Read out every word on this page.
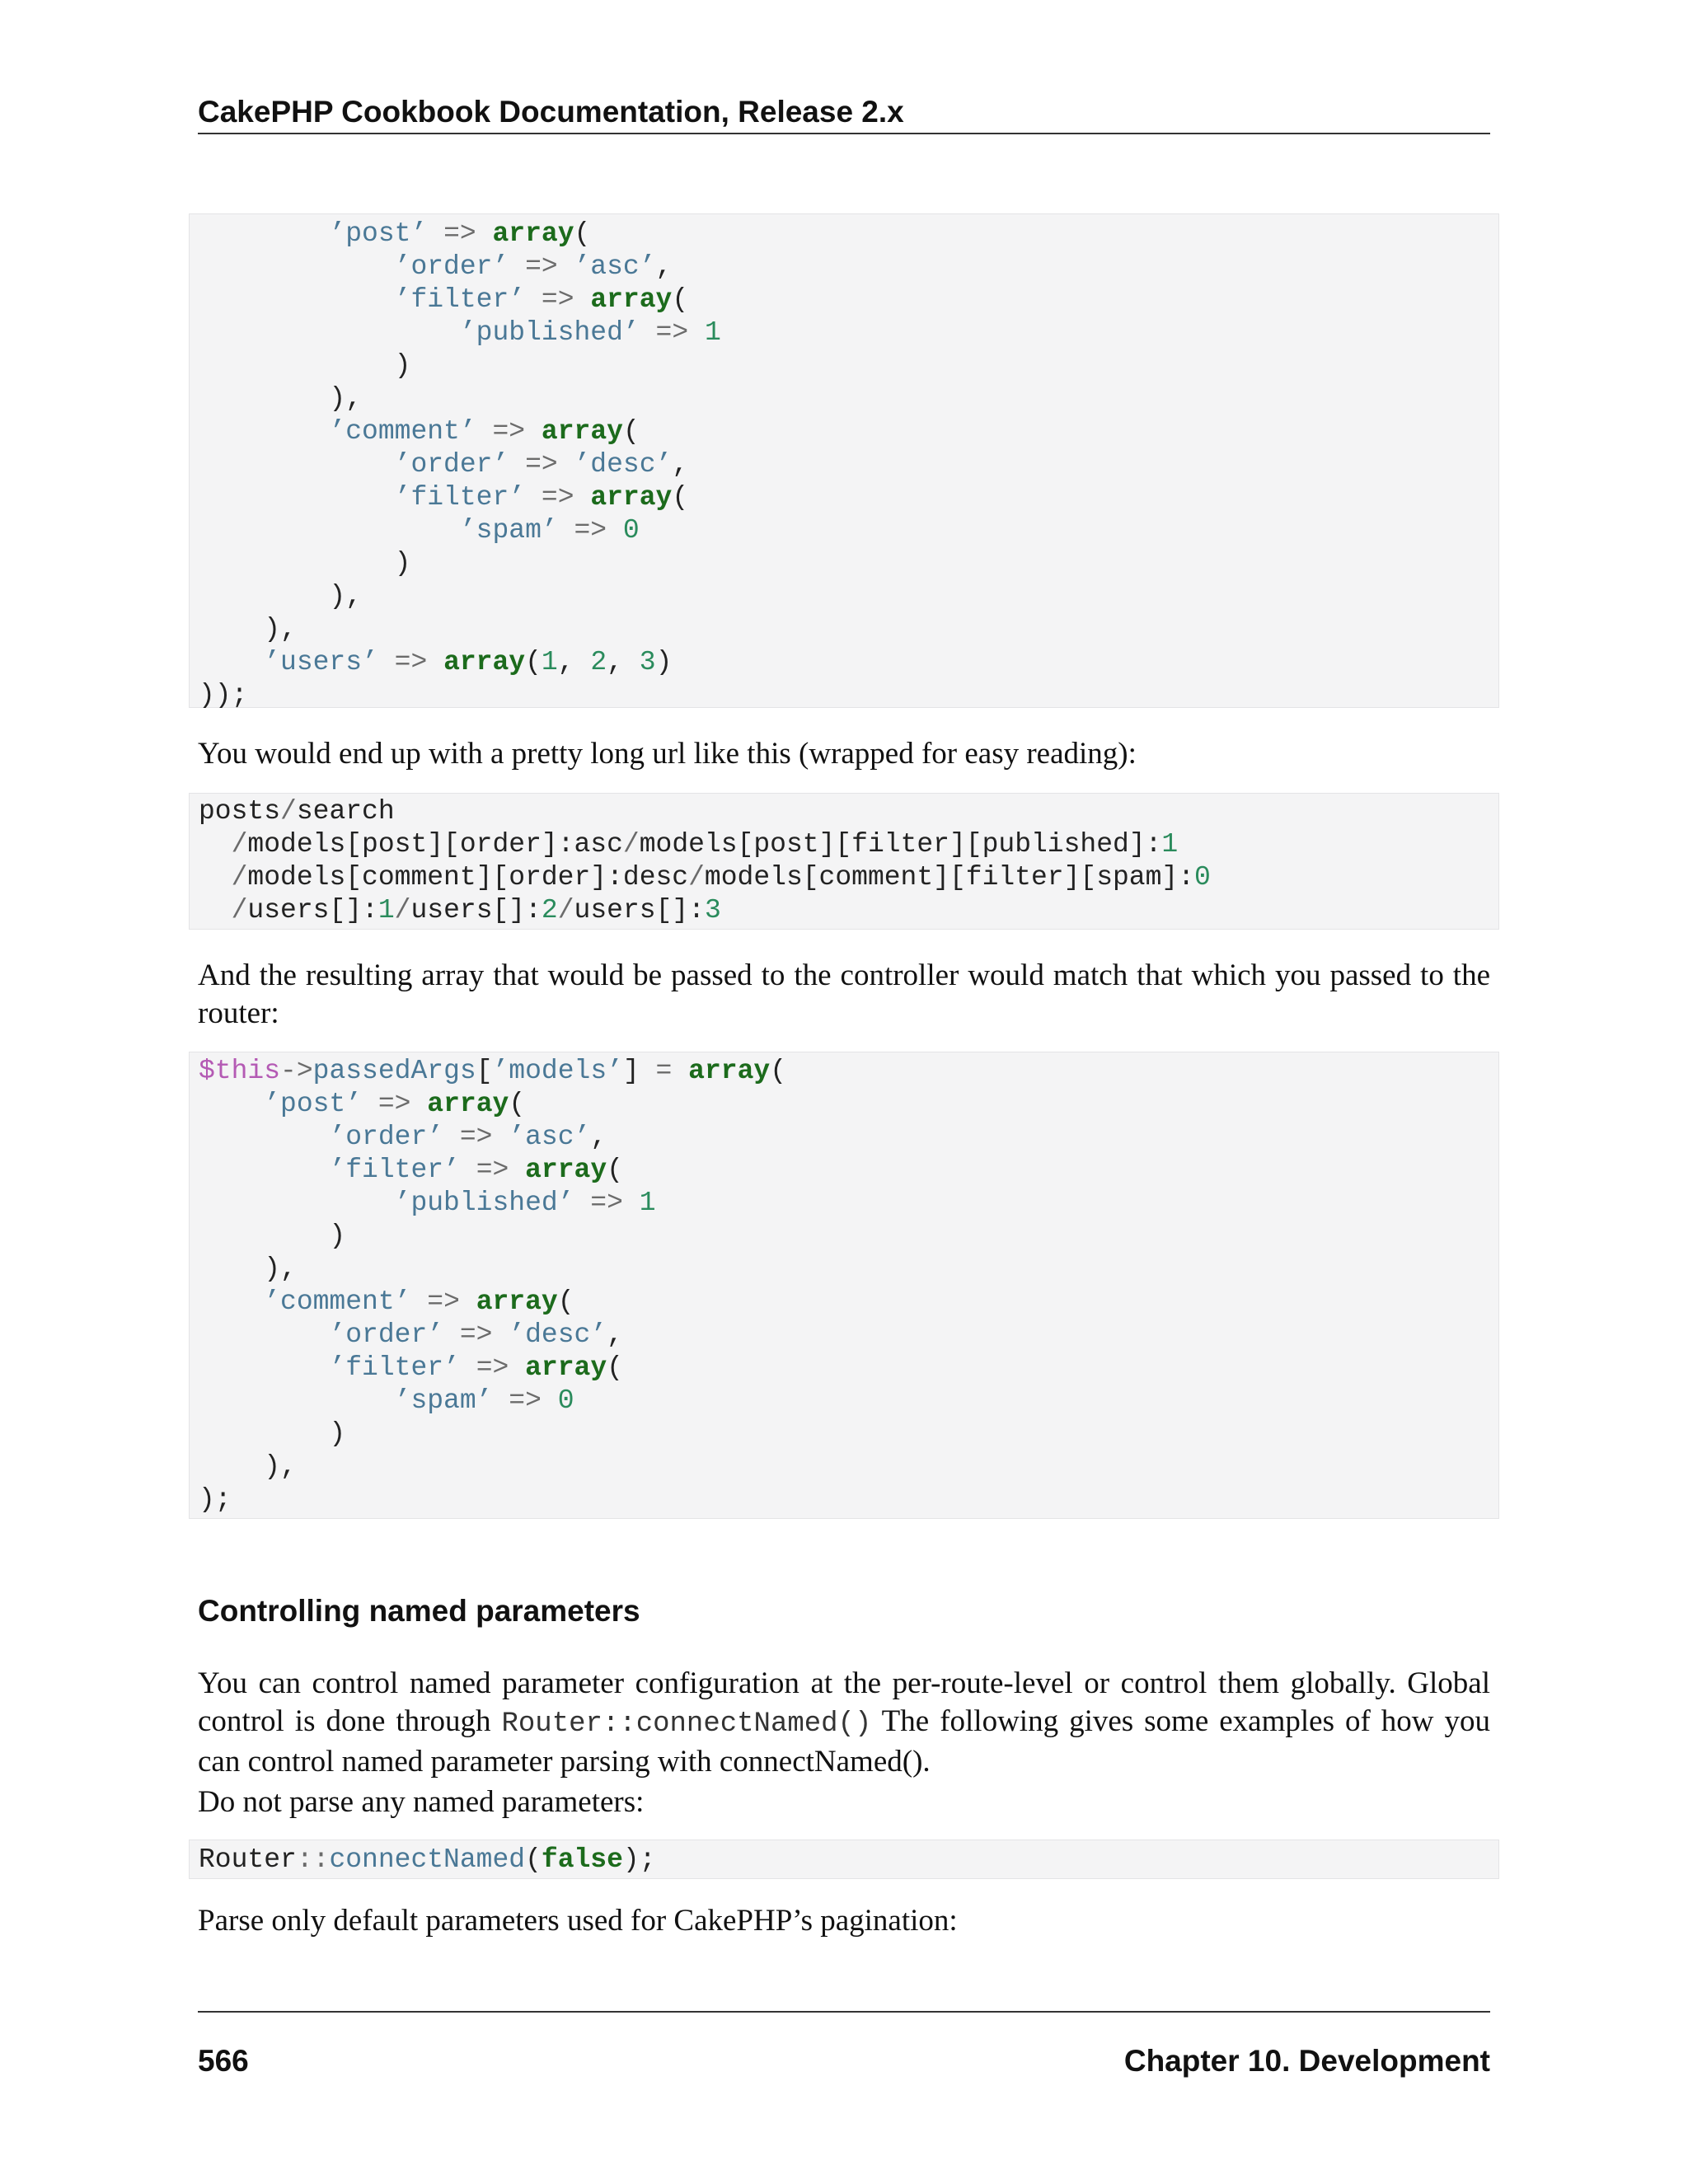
CakePHP Cookbook Documentation, Release 2.x
’post’ => array(
’order’ => ’asc’,
’filter’ => array(
’published’ => 1
)
),
’comment’ => array(
’order’ => ’desc’,
’filter’ => array(
’spam’ => 0
)
),
),
’users’ => array(1, 2, 3)
));

You would end up with a pretty long url like this (wrapped for easy reading):

posts/search
/models[post][order]:asc/models[post][filter][published]:1
/models[comment][order]:desc/models[comment][filter][spam]:0
/users[]:1/users[]:2/users[]:3

And the resulting array that would be passed to the controller would match that which you passed to the router:

$this->passedArgs[’models’] = array(
’post’ => array(
’order’ => ’asc’,
’filter’ => array(
’published’ => 1
)
),
’comment’ => array(
’order’ => ’desc’,
’filter’ => array(
’spam’ => 0
)
),
);
Controlling named parameters

You can control named parameter configuration at the per-route-level or control them globally. Global control is done through Router::connectNamed() The following gives some examples of how you can control named parameter parsing with connectNamed().

Do not parse any named parameters:

Router::connectNamed(false);

Parse only default parameters used for CakePHP’s pagination:

566	Chapter 10. Development
